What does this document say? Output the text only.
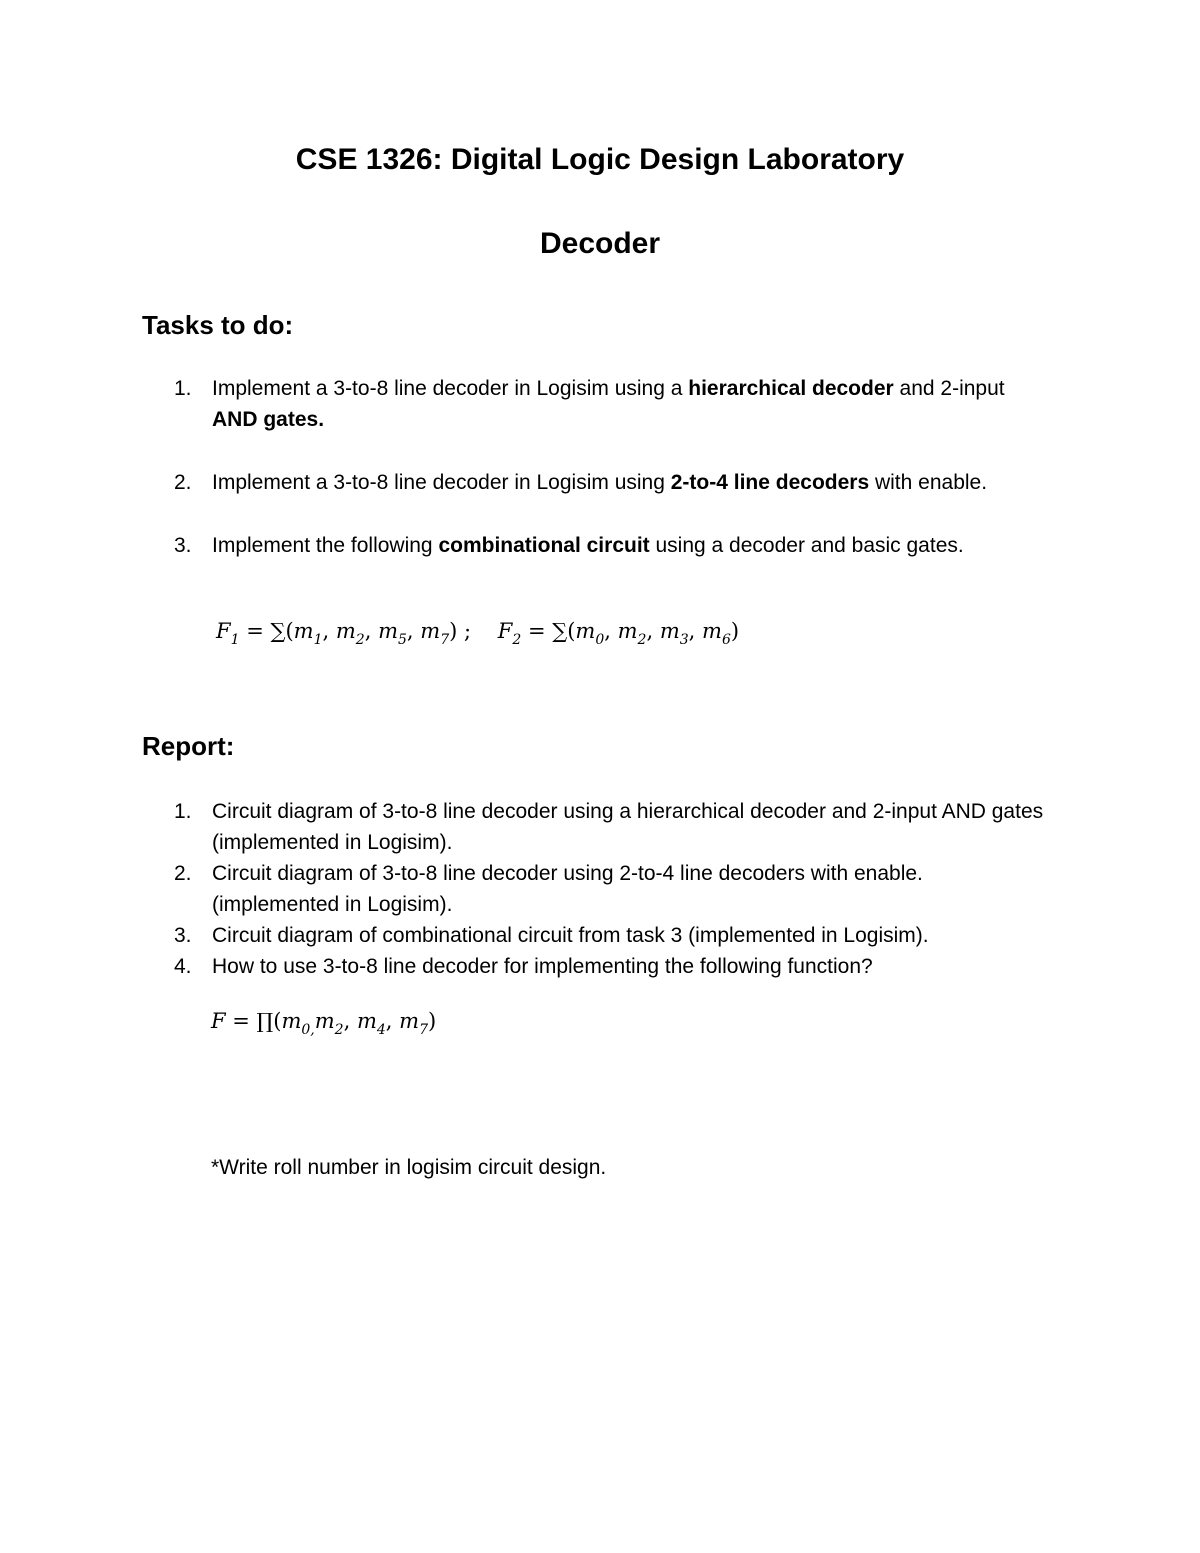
CSE 1326: Digital Logic Design Laboratory
Decoder
Tasks to do:
1. Implement a 3-to-8 line decoder in Logisim using a hierarchical decoder and 2-input AND gates.
2. Implement a 3-to-8 line decoder in Logisim using 2-to-4 line decoders with enable.
3. Implement the following combinational circuit using a decoder and basic gates.
$F_1 = \sum(m_1$, $m_2$, $m_5$, $m_7$) ; $F_2 = \sum(m_0$, $m_2$, $m_3$, $m_6$)
Report:
1. Circuit diagram of 3-to-8 line decoder using a hierarchical decoder and 2-input AND gates (implemented in Logisim).
2. Circuit diagram of 3-to-8 line decoder using 2-to-4 line decoders with enable. (implemented in Logisim).
3. Circuit diagram of combinational circuit from task 3 (implemented in Logisim).
4. How to use 3-to-8 line decoder for implementing the following function?
$F = \prod(m_{0,}m_2$, $m_4$, $m_7$)
*Write roll number in logisim circuit design.
